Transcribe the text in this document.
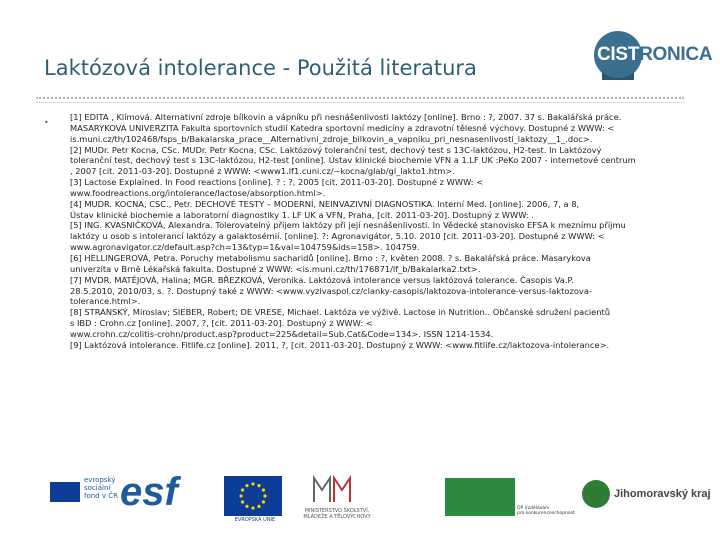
Laktózová intolerance - Použitá literatura
CISTRONICA
•
[1] EDITA , Klímová. Alternativní zdroje bílkovin a vápníku při nesnášenlivosti laktózy [online]. Brno : ?, 2007. 37 s. Bakalářská práce.
MASARYKOVA UNIVERZITA Fakulta sportovních studií Katedra sportovní medicíny a zdravotní tělesné výchovy. Dostupné z WWW: <
is.muni.cz/th/102468/fsps_b/Bakalarska_prace__Alternativni_zdroje_bilkovin_a_vapniku_pri_nesnasenlivosti_laktozy__1_.doc>.
[2] MUDr. Petr Kocna, CSc. MUDr. Petr Kocna, CSc. Laktózový toleranční test, dechový test s 13C-laktózou, H2-test. In Laktózový
toleranční test, dechový test s 13C-laktózou, H2-test [online]. Ústav klinické biochemie VFN a 1.LF UK :PeKo 2007 - internetové centrum
, 2007 [cit. 2011-03-20]. Dostupné z WWW: <www1.lf1.cuni.cz/~kocna/glab/gl_lakto1.htm>.
[3] Lactose Explained. In Food reactions [online]. ? : ?, 2005 [cit. 2011-03-20]. Dostupné z WWW: <
www.foodreactions.org/intolerance/lactose/absorption.html>.
[4] MUDR. KOCNA, CSC., Petr. DECHOVÉ TESTY – MODERNÍ, NEINVAZIVNÍ DIAGNOSTIKA. Interní Med. [online]. 2006, 7, a 8,
Ústav klinické biochemie a laboratorní diagnostiky 1. LF UK a VFN, Praha, [cit. 2011-03-20]. Dostupný z WWW: .
[5] ING. KVASNIČKOVÁ, Alexandra. Tolerovatelný příjem laktózy při její nesnášenlivosti. In Vědecké stanovisko EFSA k meznímu příjmu
laktózy u osob s intolerancí laktózy a galaktosémií. [online]. ?: Agronavigátor, 5.10. 2010 [cit. 2011-03-20]. Dostupné z WWW: <
www.agronavigator.cz/default.asp?ch=13&typ=1&val=104759&ids=158>. 104759.
[6] HELLINGEROVÁ, Petra. Poruchy metabolismu sacharidů [online]. Brno : ?, květen 2008. ? s. Bakalářská práce. Masarykova
univerzita v Brně Lékařská fakulta. Dostupné z WWW: <is.muni.cz/th/176871/lf_b/Bakalarka2.txt>.
[7] MVDR. MATĚJOVÁ, Halina; MGR. BŘEZKOVÁ, Veronika. Laktózová intolerance versus laktózová tolerance. Časopis Va.P.
28.5.2010, 2010/03, s. ?. Dostupný také z WWW: <www.vyzivaspol.cz/clanky-casopis/laktozova-intolerance-versus-laktozova-
tolerance.html>.
[8] STRANSKÝ, Miroslav; SIEBER, Robert; DE VRESE, Michael. Laktóza ve výživě. Lactose in Nutrition.. Občanské sdružení pacientů
s IBD : Crohn.cz [online]. 2007, ?, [cit. 2011-03-20]. Dostupný z WWW: <
www.crohn.cz/colitis-crohn/product.asp?product=225&detail=Sub.Cat&Code=134>. ISSN 1214-1534.
[9] Laktózová intolerance. Fitlife.cz [online]. 2011, ?, [cit. 2011-03-20]. Dostupný z WWW: <www.fitlife.cz/laktozova-intolerance>.
evropský
sociální
fond v ČR esf
EVROPSKÁ UNIE
MINISTERSTVO ŠKOLSTVÍ,
MLÁDEŽE A TĚLOVÝCHOVY
OP Vzdělávání
pro konkurenceschopnost
Jihomoravský kraj
